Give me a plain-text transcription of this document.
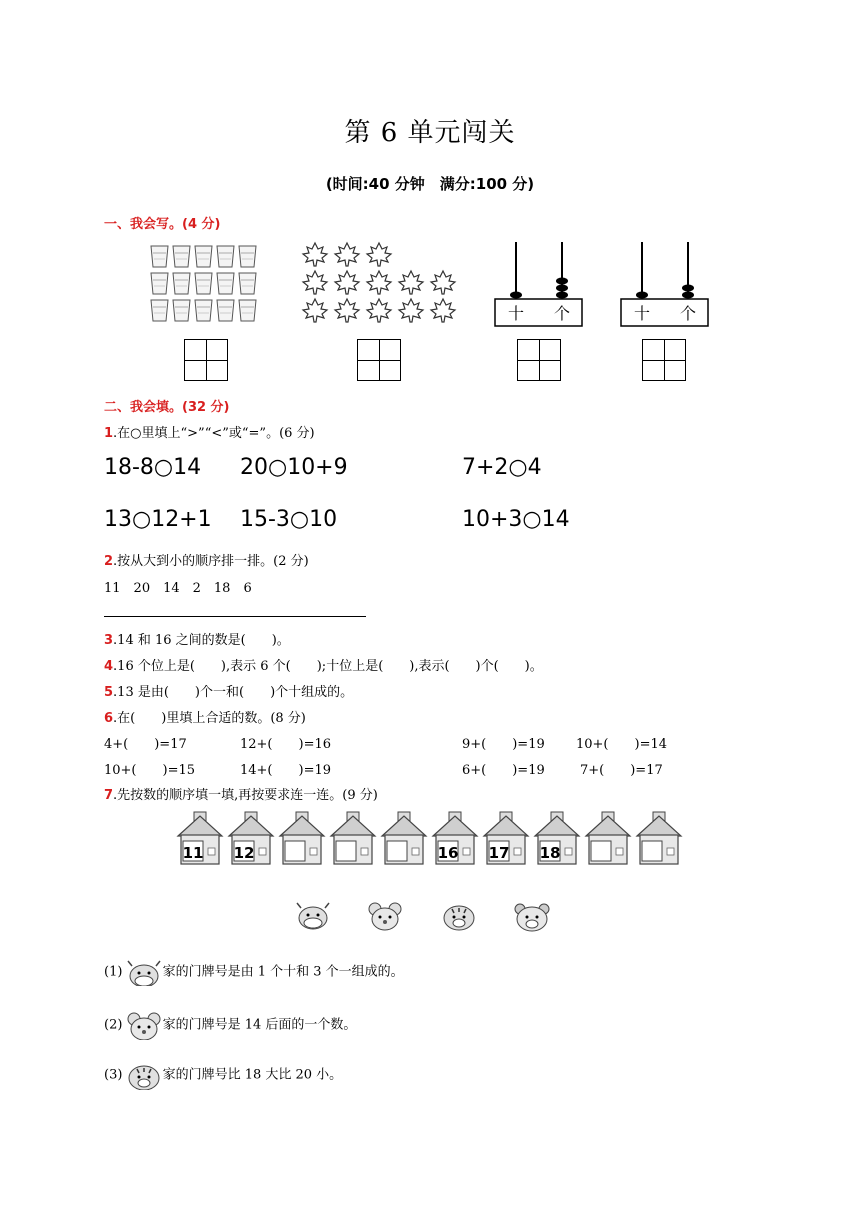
第 6 单元闯关
(时间:40 分钟　满分:100 分)
一、我会写。(4 分)
十 个	十 个
二、我会填。(32 分)
1.在○里填上“>”“<”或“=”。(6 分)
18-8○14 20○10+9	7+2○4
13○12+1 15-3○10	10+3○14
2.按从大到小的顺序排一排。(2 分)
11　20　14　2　18　6
3.14 和 16 之间的数是(　　)。
4.16 个位上是(　　),表示 6 个(　　);十位上是(　　),表示(　　)个(　　)。
5.13 是由(　　)个一和(　　)个十组成的。
6.在(　　)里填上合适的数。(8 分)
4+(　　)=17	12+(　　)=16	9+(　　)=19 10+(　　)=14
10+(　　)=15	14+(　　)=19	6+(　　)=19	7+(　　)=17
7.先按数的顺序填一填,再按要求连一连。(9 分)
11 12	16 17 18
(1)	家的门牌号是由 1 个十和 3 个一组成的。
(2)	家的门牌号是 14 后面的一个数。
(3)	家的门牌号比 18 大比 20 小。
